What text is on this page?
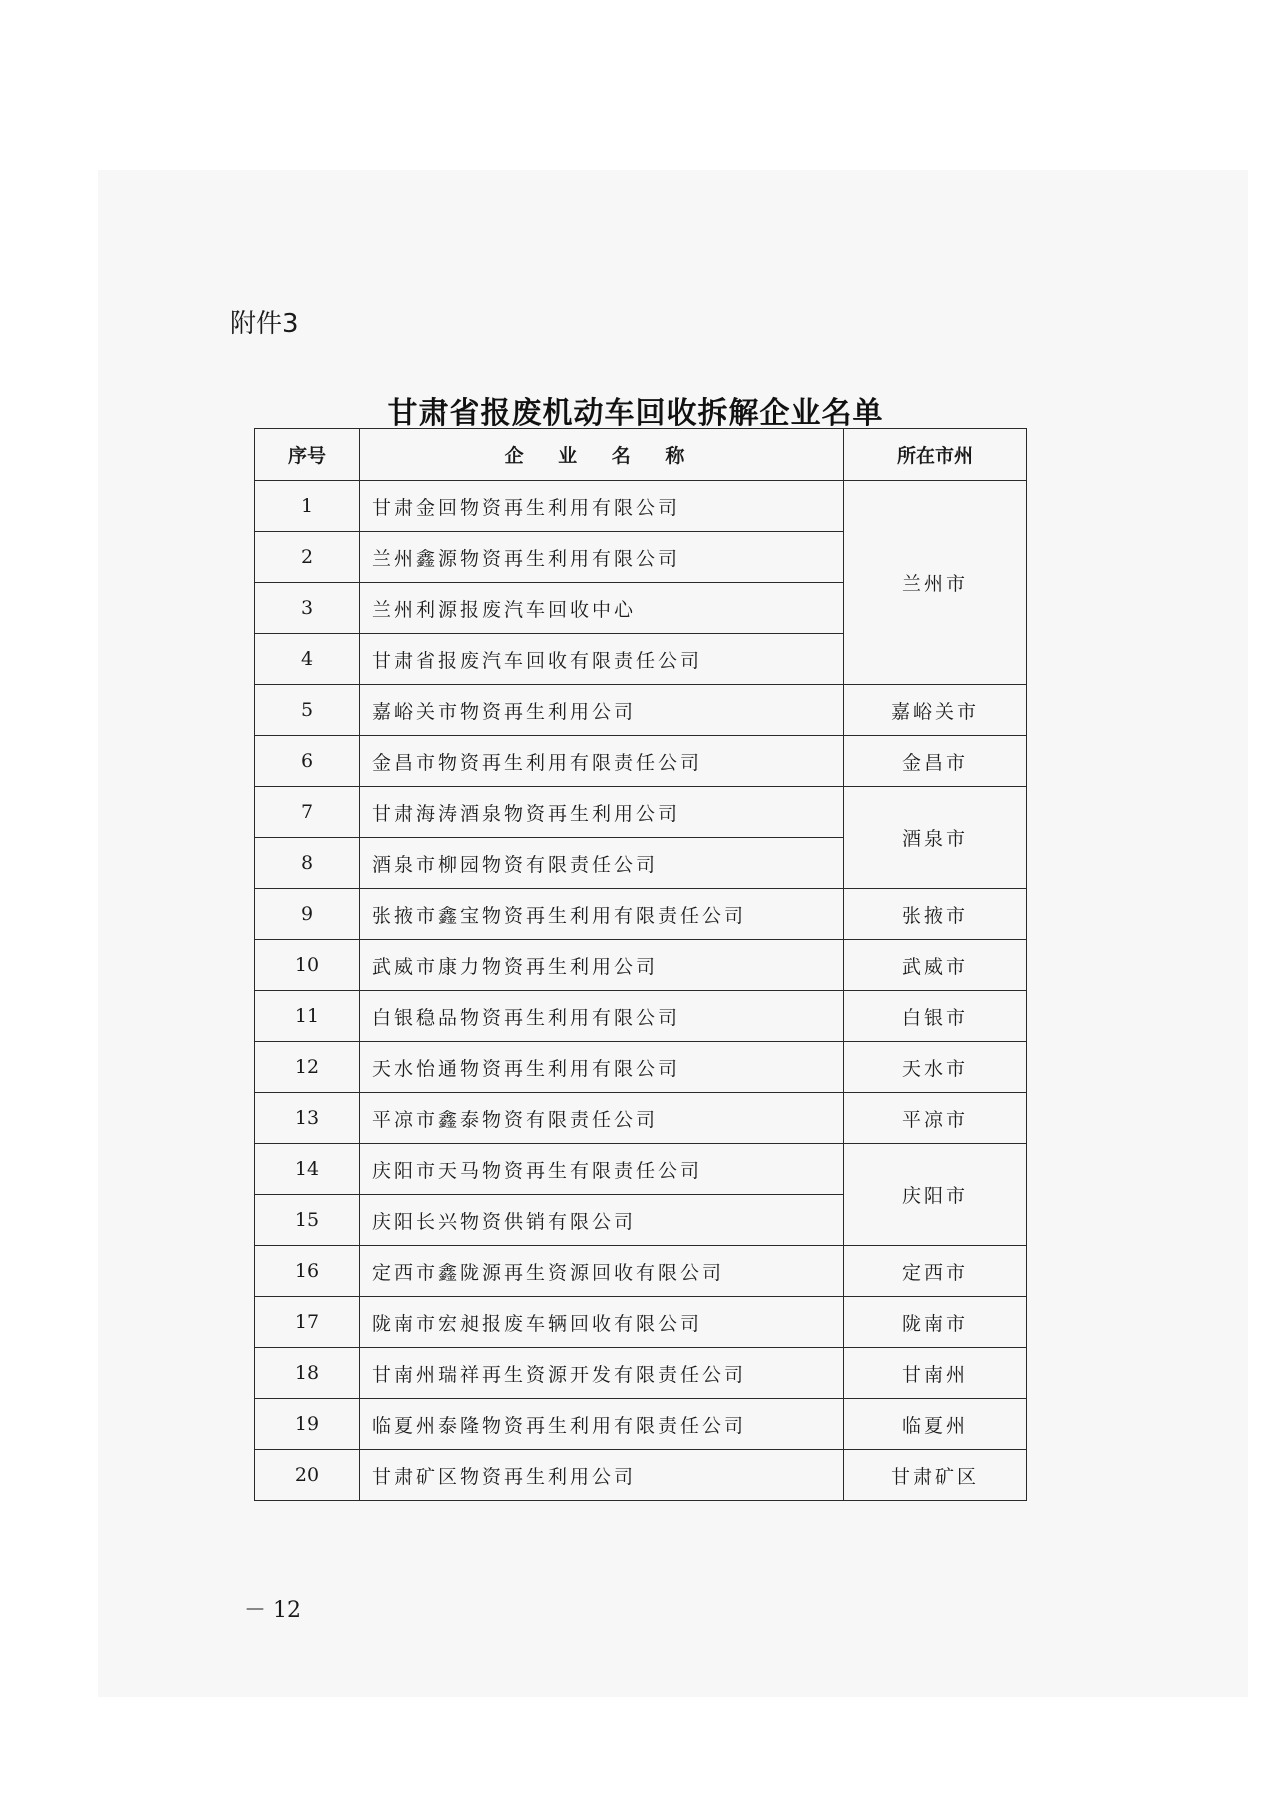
附件3
甘肃省报废机动车回收拆解企业名单
序号	企 业 名 称	所在市州
1	甘肃金回物资再生利用有限公司	兰州市
2	兰州鑫源物资再生利用有限公司	
3	兰州利源报废汽车回收中心	
4	甘肃省报废汽车回收有限责任公司	
5	嘉峪关市物资再生利用公司	嘉峪关市
6	金昌市物资再生利用有限责任公司	金昌市
7	甘肃海涛酒泉物资再生利用公司	酒泉市
8	酒泉市柳园物资有限责任公司	
9	张掖市鑫宝物资再生利用有限责任公司	张掖市
10	武威市康力物资再生利用公司	武威市
11	白银稳品物资再生利用有限公司	白银市
12	天水怡通物资再生利用有限公司	天水市
13	平凉市鑫泰物资有限责任公司	平凉市
14	庆阳市天马物资再生有限责任公司	庆阳市
15	庆阳长兴物资供销有限公司	
16	定西市鑫陇源再生资源回收有限公司	定西市
17	陇南市宏昶报废车辆回收有限公司	陇南市
18	甘南州瑞祥再生资源开发有限责任公司	甘南州
19	临夏州泰隆物资再生利用有限责任公司	临夏州
20	甘肃矿区物资再生利用公司	甘肃矿区
－ 12
